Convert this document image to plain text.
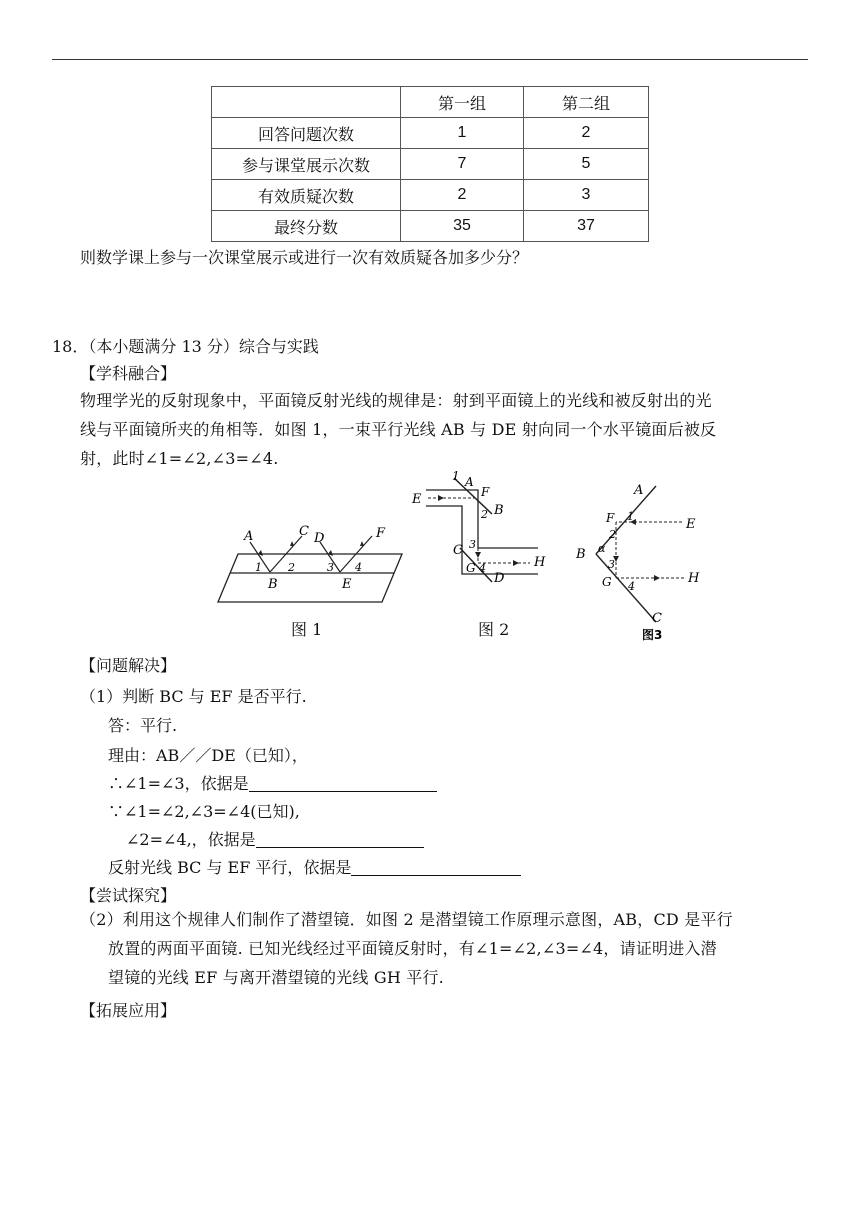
	第一组	第二组
回答问题次数	1	2
参与课堂展示次数	7	5
有效质疑次数	2	3
最终分数	35	37
则数学课上参与一次课堂展示或进行一次有效质疑各加多少分？
18．（本小题满分 13 分）综合与实践
【学科融合】
物理学光的反射现象中，平面镜反射光线的规律是：射到平面镜上的光线和被反射出的光
线与平面镜所夹的角相等．如图 1，一束平行光线 AB 与 DE 射向同一个水平镜面后被反
射，此时∠1=∠2,∠3=∠4.
A	C D	F
1 2	3 4
B	E
图 1
1 A
F
E
B
2
C 3
H
G 4
D
图 2
A
F 1
E
2
B α
3
G	H
4
C
图3
【问题解决】
（1）判断 BC 与 EF 是否平行.
答：平行.
理由：AB／／DE（已知），
∴∠1=∠3，依据是
∵∠1=∠2,∠3=∠4(已知),
∠2=∠4,，依据是
反射光线 BC 与 EF 平行，依据是
【尝试探究】
（2）利用这个规律人们制作了潜望镜．如图 2 是潜望镜工作原理示意图，AB，CD 是平行
放置的两面平面镜. 已知光线经过平面镜反射时，有∠1=∠2,∠3=∠4，请证明进入潜
望镜的光线 EF 与离开潜望镜的光线 GH 平行.
【拓展应用】
